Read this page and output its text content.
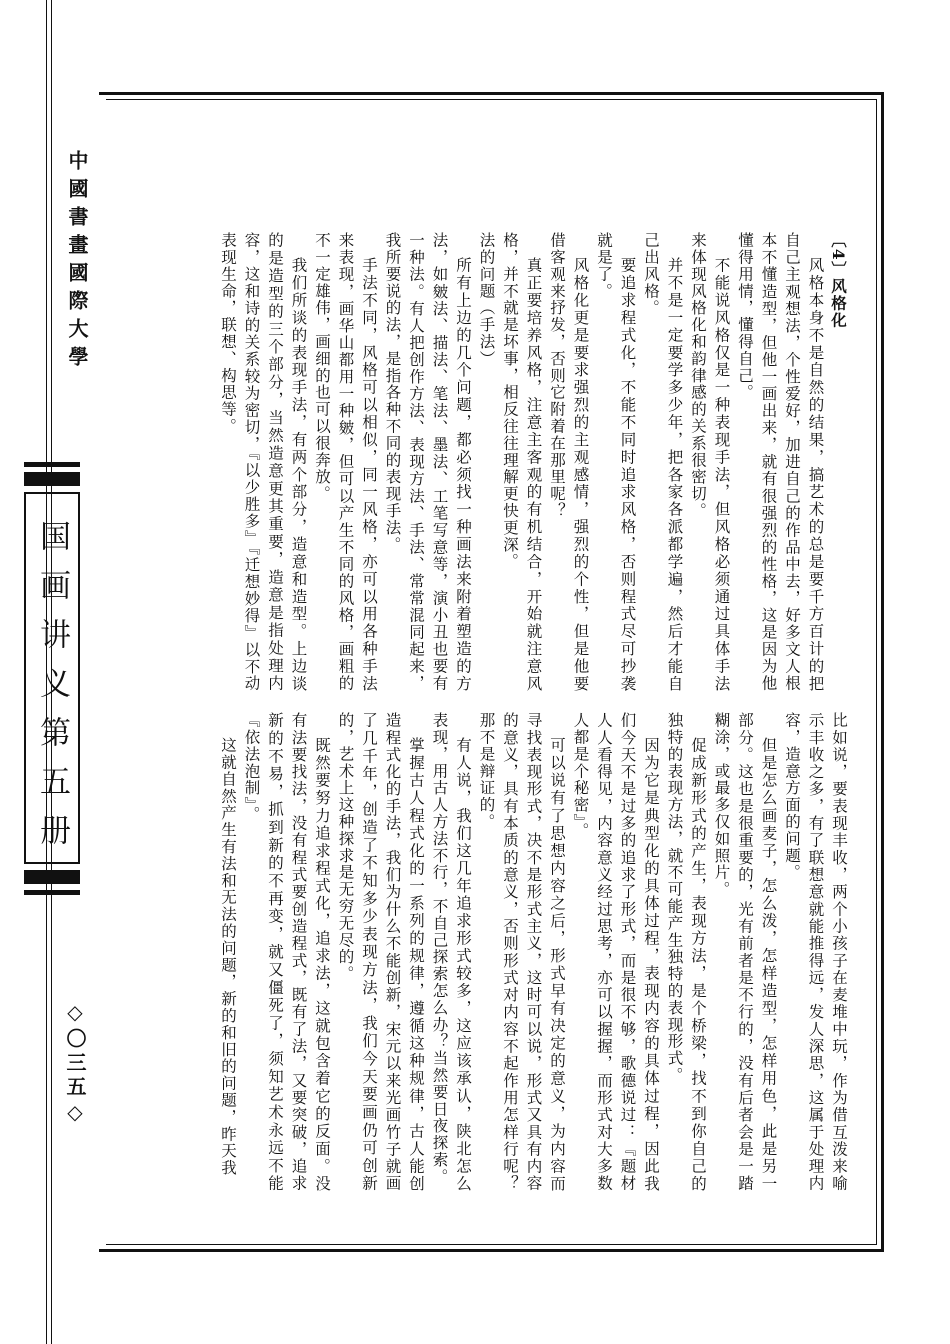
中國書畫國際大學
国画讲义第五册
◇〇三五◇

〔4〕风格化

风格本身不是自然的结果，搞艺术的总是要千方百计的把自己主观想法，个性爱好，加进自己的作品中去，好多文人根本不懂造型，但他一画出来，就有很强烈的性格，这是因为他懂得用情，懂得自己。

不能说风格仅是一种表现手法，但风格必须通过具体手法来体现风格化和韵律感的关系很密切。

并不是一定要学多少年，把各家各派都学遍，然后才能自己出风格。

要追求程式化，不能不同时追求风格，否则程式尽可抄袭就是了。

风格化更是要求强烈的主观感情，强烈的个性，但是他要借客观来抒发，否则它附着在那里呢？

真正要培养风格，注意主客观的有机结合，开始就注意风格，并不就是坏事，相反往往理解更快更深。

法的问题（手法）

所有上边的几个问题，都必须找一种画法来附着塑造的方法，如皴法、描法、笔法、墨法、工笔写意等，演小丑也要有一种法。有人把创作方法、表现方法、手法、常常混同起来，我所要说的法，是指各种不同的表现手法。

手法不同，风格可以相似，同一风格，亦可以用各种手法来表现，画华山都用一种皴，但可以产生不同的风格，画粗的不一定雄伟，画细的也可以很奔放。

我们所谈的表现手法，有两个部分，造意和造型。上边谈的是造型的三个部分，当然造意更其重要，造意是指处理内容，这和诗的关系较为密切，『以少胜多』『迁想妙得』以不动表现生命，联想、构思等。

比如说，要表现丰收，两个小孩子在麦堆中玩，作为借互泼来喻示丰收之多，有了联想意就能推得远，发人深思，这属于处理内容，造意方面的问题。

但是怎么画麦子，怎么泼，怎样造型，怎样用色，此是另一部分。这也是很重要的，光有前者是不行的，没有后者会是一踏糊涂，或最多仅如照片。

促成新形式的产生，表现方法，是个桥梁，找不到你自己的独特的表现方法，就不可能产生独特的表现形式。

因为它是典型化的具体过程，表现内容的具体过程，因此我们今天不是过多的追求了形式，而是很不够，歌德说过：『题材人人看得见，内容意义经过思考，亦可以握握，而形式对大多数人都是个秘密』。

可以说有了思想内容之后，形式早有决定的意义，为内容而寻找表现形式，决不是形式主义，这时可以说，形式又具有内容的意义，具有本质的意义，否则形式对内容不起作用怎样行呢？那不是辩证的。

有人说，我们这几年追求形式较多，这应该承认，陕北怎么表现，用古人方法不行，不自己探索怎么办？当然要日夜探索。

掌握古人程式化的一系列的规律，遵循这种规律，古人能创造程式化的手法，我们为什么不能创新，宋元以来光画竹子就画了几千年，创造了不知多少表现方法，我们今天要画仍可创新的，艺术上这种探求是无穷无尽的。

既然要努力追求程式化，追求法，这就包含着它的反面。没有法要找法，没有程式要创造程式，既有了法，又要突破，追求新的不易，抓到新的不再变，就又僵死了，须知艺术永远不能『依法泡制』。

这就自然产生有法和无法的问题，新的和旧的问题，昨天我
